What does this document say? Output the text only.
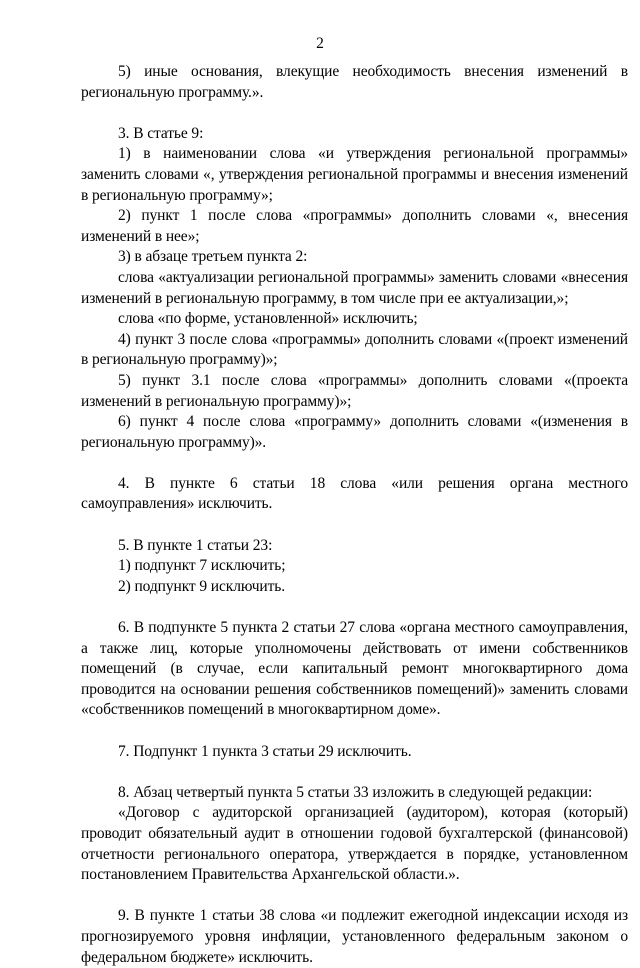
2

5) иные основания, влекущие необходимость внесения изменений в региональную программу.».

3. В статье 9:

1) в наименовании слова «и утверждения региональной программы» заменить словами «, утверждения региональной программы и внесения изменений в региональную программу»;

2) пункт 1 после слова «программы» дополнить словами «, внесения изменений в нее»;

3) в абзаце третьем пункта 2:

слова «актуализации региональной программы» заменить словами «внесения изменений в региональную программу, в том числе при ее актуализации,»;

слова «по форме, установленной» исключить;

4) пункт 3 после слова «программы» дополнить словами «(проект изменений в региональную программу)»;

5) пункт 3.1 после слова «программы» дополнить словами «(проекта изменений в региональную программу)»;

6) пункт 4 после слова «программу» дополнить словами «(изменения в региональную программу)».

4. В пункте 6 статьи 18 слова «или решения органа местного самоуправления» исключить.

5. В пункте 1 статьи 23:

1) подпункт 7 исключить;

2) подпункт 9 исключить.

6. В подпункте 5 пункта 2 статьи 27 слова «органа местного самоуправления, а также лиц, которые уполномочены действовать от имени собственников помещений (в случае, если капитальный ремонт многоквартирного дома проводится на основании решения собственников помещений)» заменить словами «собственников помещений в многоквартирном доме».

7. Подпункт 1 пункта 3 статьи 29 исключить.

8. Абзац четвертый пункта 5 статьи 33 изложить в следующей редакции:

«Договор с аудиторской организацией (аудитором), которая (который) проводит обязательный аудит в отношении годовой бухгалтерской (финансовой) отчетности регионального оператора, утверждается в порядке, установленном постановлением Правительства Архангельской области.».

9. В пункте 1 статьи 38 слова «и подлежит ежегодной индексации исходя из прогнозируемого уровня инфляции, установленного федеральным законом о федеральном бюджете» исключить.
